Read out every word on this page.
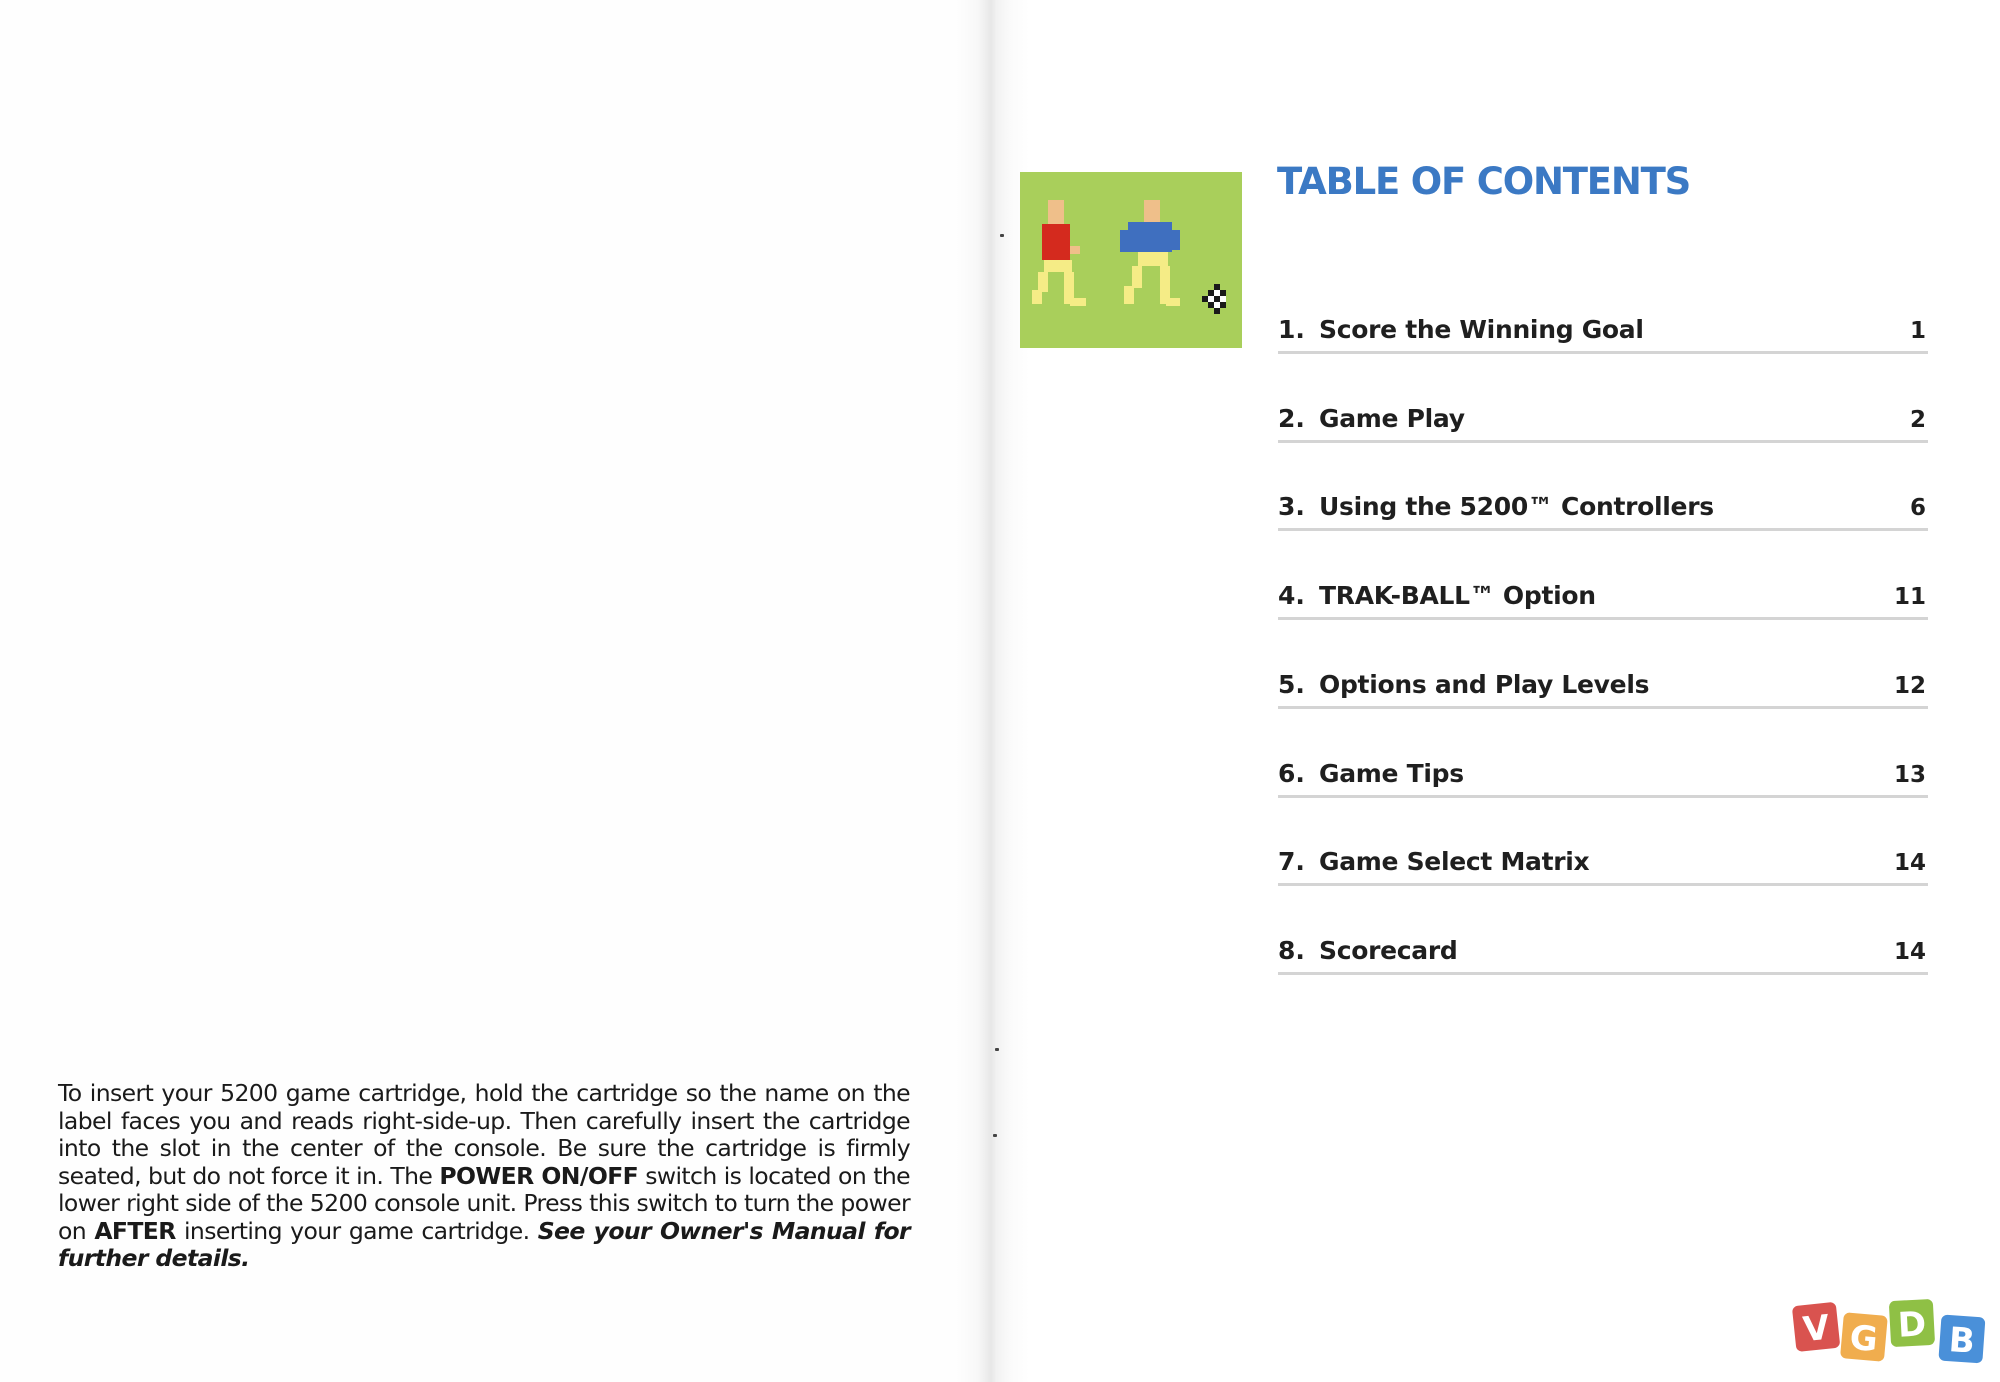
To insert your 5200 game cartridge, hold the cartridge so the name on the label faces you and reads right-side-up. Then carefully insert the cartridge into the slot in the center of the console. Be sure the cartridge is firmly seated, but do not force it in. The POWER ON/OFF switch is located on the lower right side of the 5200 console unit. Press this switch to turn the power on AFTER inserting your game cartridge. See your Owner's Manual for further details.

TABLE OF CONTENTS
1. Score the Winning Goal	1
2. Game Play	2
3. Using the 5200™ Controllers	6
4. TRAK-BALL™ Option	11
5. Options and Play Levels	12
6. Game Tips	13
7. Game Select Matrix	14
8. Scorecard	14
V G D B
